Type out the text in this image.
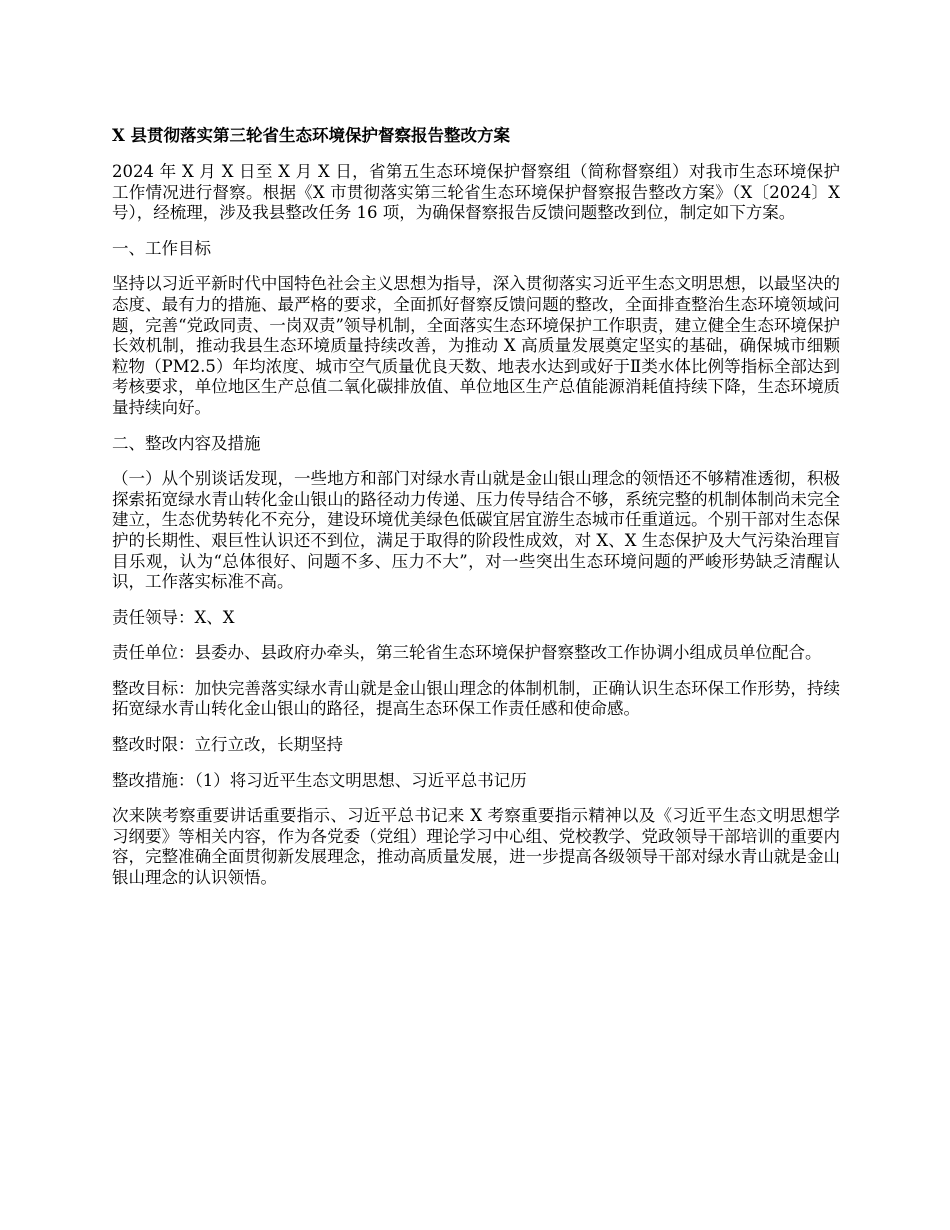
X 县贯彻落实第三轮省生态环境保护督察报告整改方案

2024 年 X 月 X 日至 X 月 X 日，省第五生态环境保护督察组（简称督察组）对我市生态环境保护工作情况进行督察。根据《X 市贯彻落实第三轮省生态环境保护督察报告整改方案》（X〔2024〕X 号），经梳理，涉及我县整改任务 16 项，为确保督察报告反馈问题整改到位，制定如下方案。

一、工作目标

坚持以习近平新时代中国特色社会主义思想为指导，深入贯彻落实习近平生态文明思想，以最坚决的态度、最有力的措施、最严格的要求，全面抓好督察反馈问题的整改，全面排查整治生态环境领域问题，完善“党政同责、一岗双责”领导机制，全面落实生态环境保护工作职责，建立健全生态环境保护长效机制，推动我县生态环境质量持续改善，为推动 X 高质量发展奠定坚实的基础，确保城市细颗粒物（PM2.5）年均浓度、城市空气质量优良天数、地表水达到或好于Ⅱ类水体比例等指标全部达到考核要求，单位地区生产总值二氧化碳排放值、单位地区生产总值能源消耗值持续下降，生态环境质量持续向好。

二、整改内容及措施

（一）从个别谈话发现，一些地方和部门对绿水青山就是金山银山理念的领悟还不够精准透彻，积极探索拓宽绿水青山转化金山银山的路径动力传递、压力传导结合不够，系统完整的机制体制尚未完全建立，生态优势转化不充分，建设环境优美绿色低碳宜居宜游生态城市任重道远。个别干部对生态保护的长期性、艰巨性认识还不到位，满足于取得的阶段性成效，对 X、X 生态保护及大气污染治理盲目乐观，认为“总体很好、问题不多、压力不大”，对一些突出生态环境问题的严峻形势缺乏清醒认识，工作落实标准不高。

责任领导：X、X

责任单位：县委办、县政府办牵头，第三轮省生态环境保护督察整改工作协调小组成员单位配合。

整改目标：加快完善落实绿水青山就是金山银山理念的体制机制，正确认识生态环保工作形势，持续拓宽绿水青山转化金山银山的路径，提高生态环保工作责任感和使命感。

整改时限：立行立改，长期坚持

整改措施：（1）将习近平生态文明思想、习近平总书记历

次来陕考察重要讲话重要指示、习近平总书记来 X 考察重要指示精神以及《习近平生态文明思想学习纲要》等相关内容，作为各党委（党组）理论学习中心组、党校教学、党政领导干部培训的重要内容，完整准确全面贯彻新发展理念，推动高质量发展，进一步提高各级领导干部对绿水青山就是金山银山理念的认识领悟。
